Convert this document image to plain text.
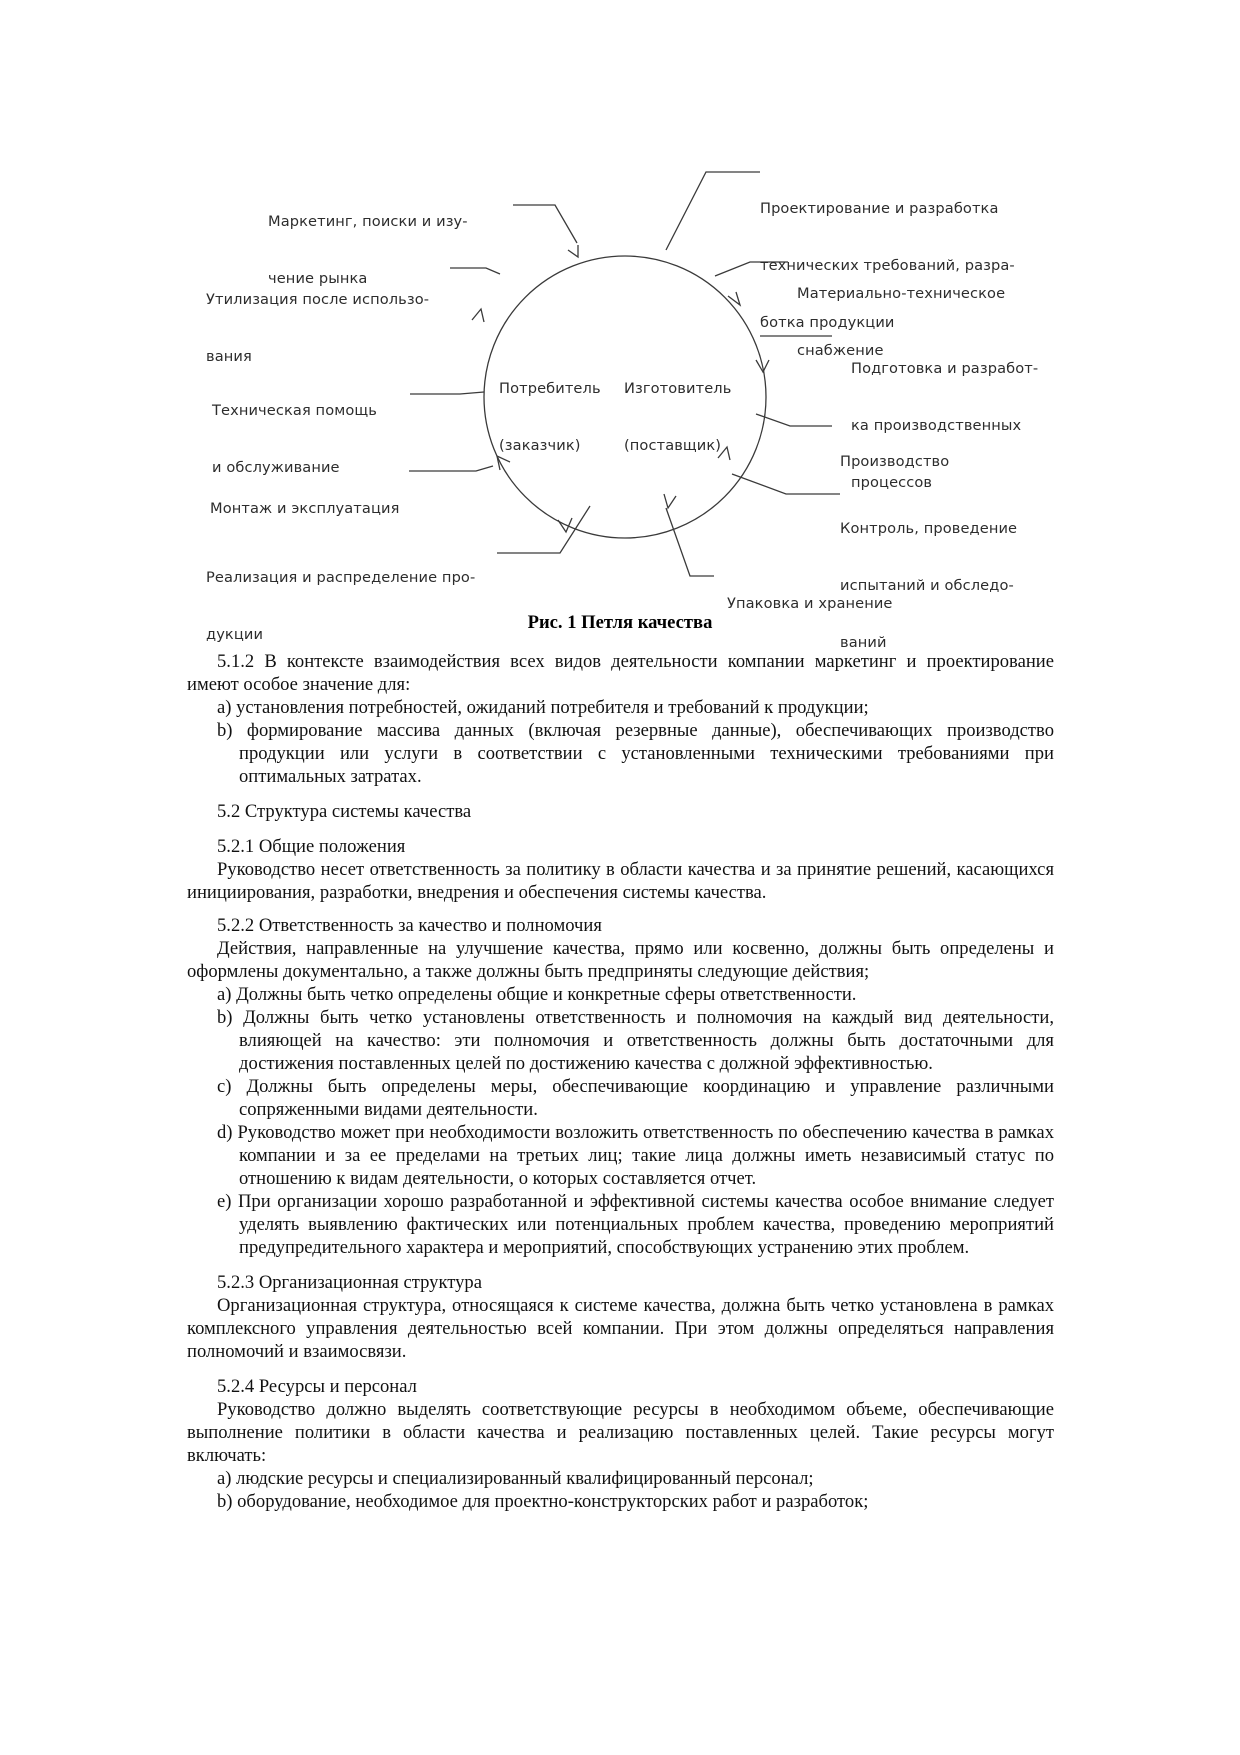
Маркетинг, поиски и изу-

чение рынка

Проектирование и разработка

технических требований, разра-

ботка продукции

Материально-техническое

снабжение

Подготовка и разработ-

ка производственных

процессов

Производство

Контроль, проведение

испытаний и обследо-

ваний

Упаковка и хранение

Реализация и распределение про-

дукции

Монтаж и эксплуатация

Техническая помощь

и обслуживание

Утилизация после использо-

вания

Потребитель

(заказчик)

Изготовитель

(поставщик)

Рис. 1 Петля качества

5.1.2 В контексте взаимодействия всех видов деятельности компании маркетинг и проектирование имеют особое значение для:

a) установления потребностей, ожиданий потребителя и требований к продукции;

b) формирование массива данных (включая резервные данные), обеспечивающих производство продукции или услуги в соответствии с установленными техническими требованиями при оптимальных затратах.

5.2 Структура системы качества

5.2.1 Общие положения

Руководство несет ответственность за политику в области качества и за принятие решений, касающихся инициирования, разработки, внедрения и обеспечения системы качества.

5.2.2 Ответственность за качество и полномочия

Действия, направленные на улучшение качества, прямо или косвенно, должны быть определены и оформлены документально, а также должны быть предприняты следующие действия;

a) Должны быть четко определены общие и конкретные сферы ответственности.

b) Должны быть четко установлены ответственность и полномочия на каждый вид деятельности, влияющей на качество: эти полномочия и ответственность должны быть достаточными для достижения поставленных целей по достижению качества с должной эффективностью.

c) Должны быть определены меры, обеспечивающие координацию и управление различными сопряженными видами деятельности.

d) Руководство может при необходимости возложить ответственность по обеспечению качества в рамках компании и за ее пределами на третьих лиц; такие лица должны иметь независимый статус по отношению к видам деятельности, о которых составляется отчет.

e) При организации хорошо разработанной и эффективной системы качества особое внимание следует уделять выявлению фактических или потенциальных проблем качества, проведению мероприятий предупредительного характера и мероприятий, способствующих устранению этих проблем.

5.2.3 Организационная структура

Организационная структура, относящаяся к системе качества, должна быть четко установлена в рамках комплексного управления деятельностью всей компании. При этом должны определяться направления полномочий и взаимосвязи.

5.2.4 Ресурсы и персонал

Руководство должно выделять соответствующие ресурсы в необходимом объеме, обеспечивающие выполнение политики в области качества и реализацию поставленных целей. Такие ресурсы могут включать:

a) людские ресурсы и специализированный квалифицированный персонал;

b) оборудование, необходимое для проектно-конструкторских работ и разработок;
